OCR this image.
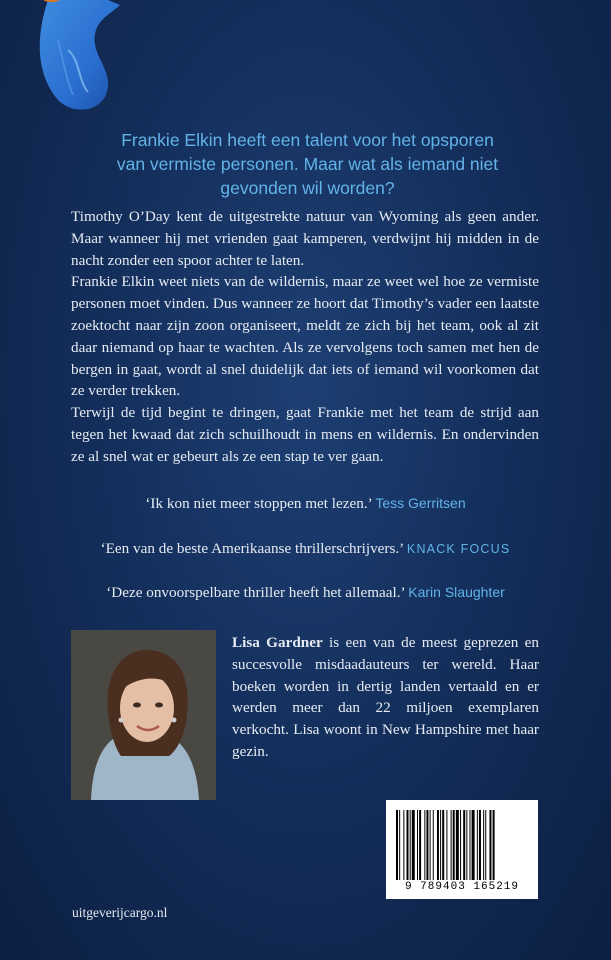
Frankie Elkin heeft een talent voor het opsporen van vermiste personen. Maar wat als iemand niet gevonden wil worden?

Timothy O’Day kent de uitgestrekte natuur van Wyoming als geen ander. Maar wanneer hij met vrienden gaat kamperen, verdwijnt hij midden in de nacht zonder een spoor achter te laten.

Frankie Elkin weet niets van de wildernis, maar ze weet wel hoe ze vermiste personen moet vinden. Dus wanneer ze hoort dat Timothy’s vader een laatste zoektocht naar zijn zoon organiseert, meldt ze zich bij het team, ook al zit daar niemand op haar te wachten. Als ze vervolgens toch samen met hen de bergen in gaat, wordt al snel duidelijk dat iets of iemand wil voorkomen dat ze verder trekken.

Terwijl de tijd begint te dringen, gaat Frankie met het team de strijd aan tegen het kwaad dat zich schuilhoudt in mens en wildernis. En ondervinden ze al snel wat er gebeurt als ze een stap te ver gaan.

‘Ik kon niet meer stoppen met lezen.’ Tess Gerritsen
‘Een van de beste Amerikaanse thrillerschrijvers.’ KNACK FOCUS
‘Deze onvoorspelbare thriller heeft het allemaal.’ Karin Slaughter
Lisa Gardner is een van de meest geprezen en succesvolle misdaadauteurs ter wereld. Haar boeken worden in dertig landen vertaald en er werden meer dan 22 miljoen exemplaren verkocht. Lisa woont in New Hampshire met haar gezin.
9 789403 165219
uitgeverijcargo.nl
